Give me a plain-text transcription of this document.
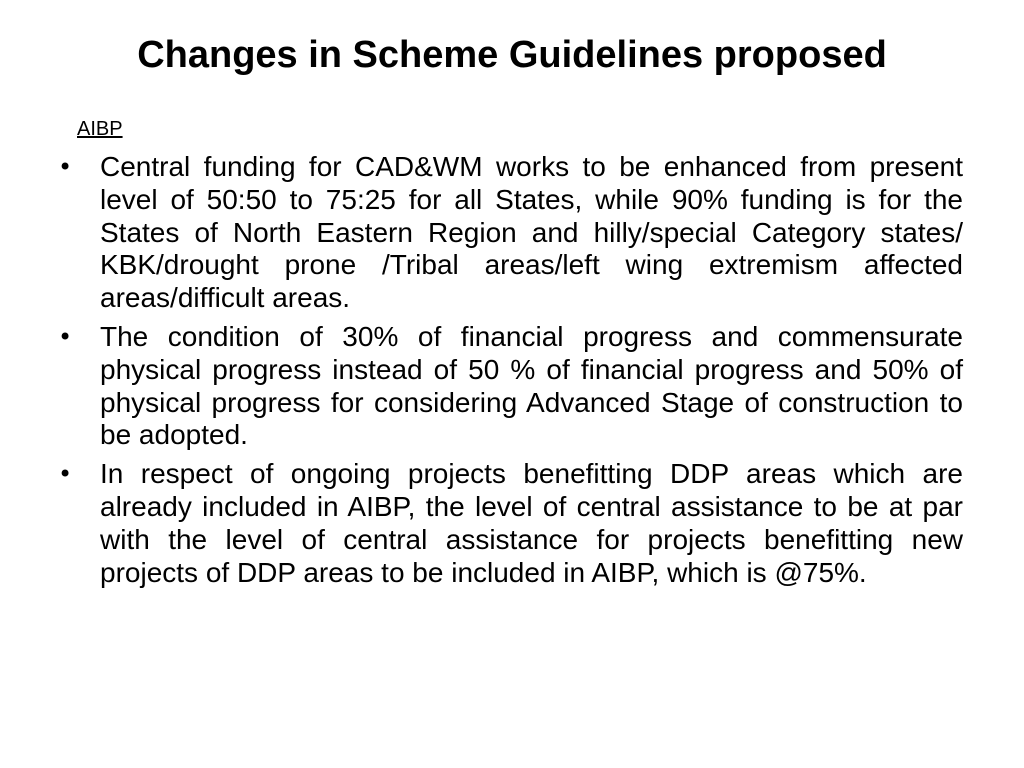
Changes in Scheme Guidelines proposed
AIBP
• Central funding for CAD&WM works to be enhanced from present level of 50:50 to 75:25 for all States, while 90% funding is for the States of North Eastern Region and hilly/special Category states/ KBK/drought prone /Tribal areas/left wing extremism affected areas/difficult areas.
• The condition of 30% of financial progress and commensurate physical progress instead of 50 % of financial progress and 50% of physical progress for considering Advanced Stage of construction to be adopted.
• In respect of ongoing projects benefitting DDP areas which are already included in AIBP, the level of central assistance to be at par with the level of central assistance for projects benefitting new projects of DDP areas to be included in AIBP, which is @75%.
